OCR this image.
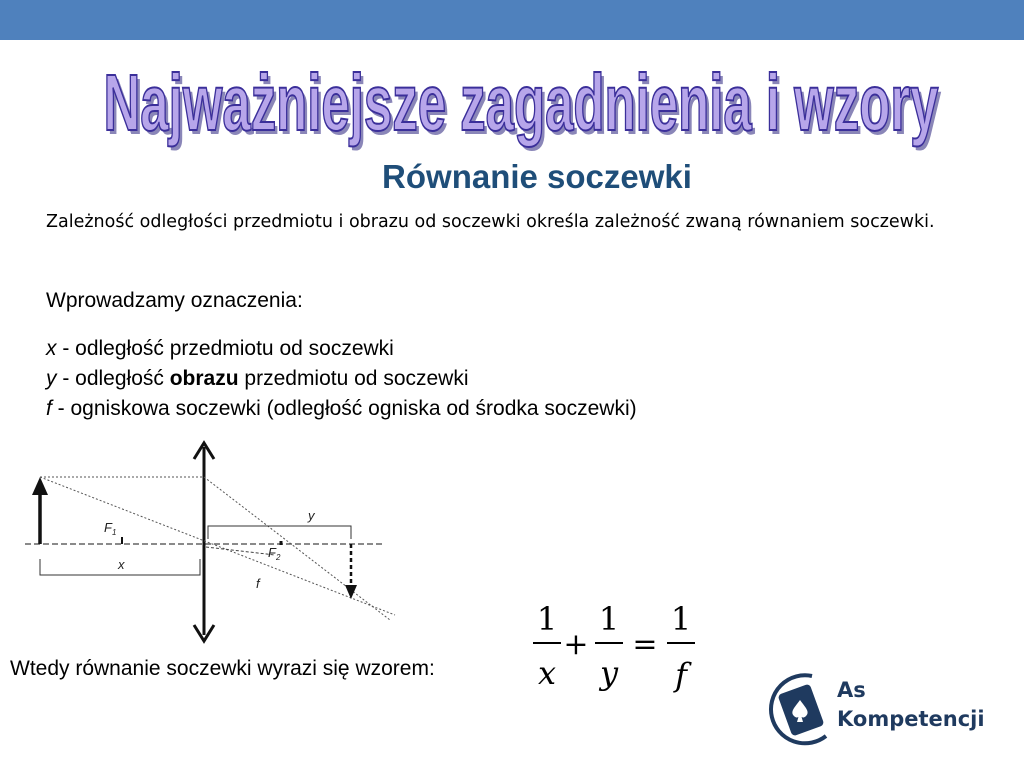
Najważniejsze zagadnienia i wzory
Najważniejsze zagadnienia i wzory
Równanie soczewki
Zależność odległości przedmiotu i obrazu od soczewki określa zależność zwaną równaniem soczewki.
Wprowadzamy oznaczenia:
x - odległość przedmiotu od soczewki
y - odległość obrazu przedmiotu od soczewki
f - ogniskowa soczewki (odległość ogniska od środka soczewki)
$F_1$
$F_2$
x
y
f
Wtedy równanie soczewki wyrazi się wzorem:
1
x
+
1
y
=
1
f	As
Kompetencji
